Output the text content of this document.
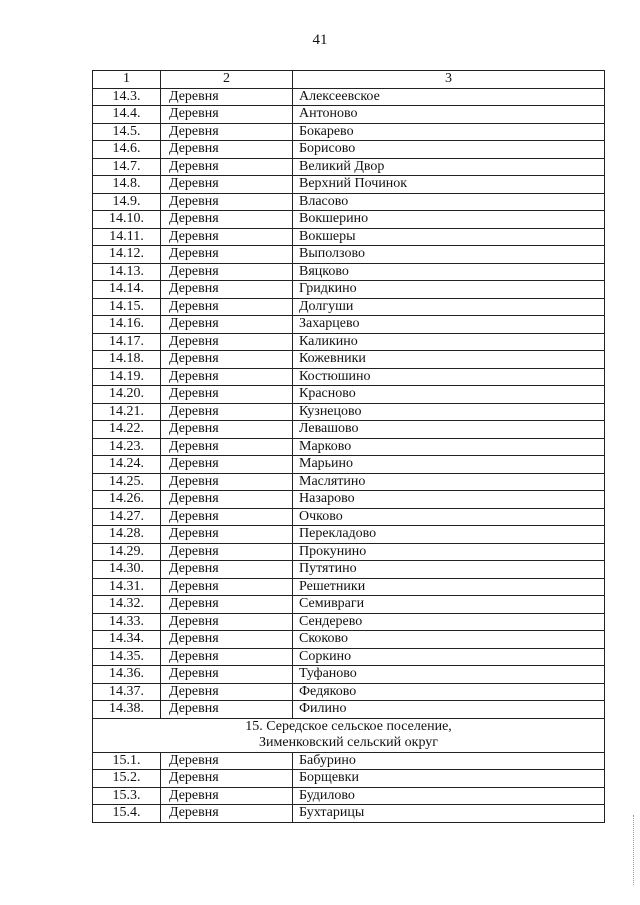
41
1	2	3
14.3.	Деревня	Алексеевское
14.4.	Деревня	Антоново
14.5.	Деревня	Бокарево
14.6.	Деревня	Борисово
14.7.	Деревня	Великий Двор
14.8.	Деревня	Верхний Починок
14.9.	Деревня	Власово
14.10.	Деревня	Вокшерино
14.11.	Деревня	Вокшеры
14.12.	Деревня	Выползово
14.13.	Деревня	Вяцково
14.14.	Деревня	Гридкино
14.15.	Деревня	Долгуши
14.16.	Деревня	Захарцево
14.17.	Деревня	Каликино
14.18.	Деревня	Кожевники
14.19.	Деревня	Костюшино
14.20.	Деревня	Красново
14.21.	Деревня	Кузнецово
14.22.	Деревня	Левашово
14.23.	Деревня	Марково
14.24.	Деревня	Марьино
14.25.	Деревня	Маслятино
14.26.	Деревня	Назарово
14.27.	Деревня	Очково
14.28.	Деревня	Перекладово
14.29.	Деревня	Прокунино
14.30.	Деревня	Путятино
14.31.	Деревня	Решетники
14.32.	Деревня	Семивраги
14.33.	Деревня	Сендерево
14.34.	Деревня	Скоково
14.35.	Деревня	Соркино
14.36.	Деревня	Туфаново
14.37.	Деревня	Федяково
14.38.	Деревня	Филино

15. Середское сельское поселение,
Зименковский сельский округ		

15.1.	Деревня	Бабурино
15.2.	Деревня	Борщевки
15.3.	Деревня	Будилово
15.4.	Деревня	Бухтарицы
